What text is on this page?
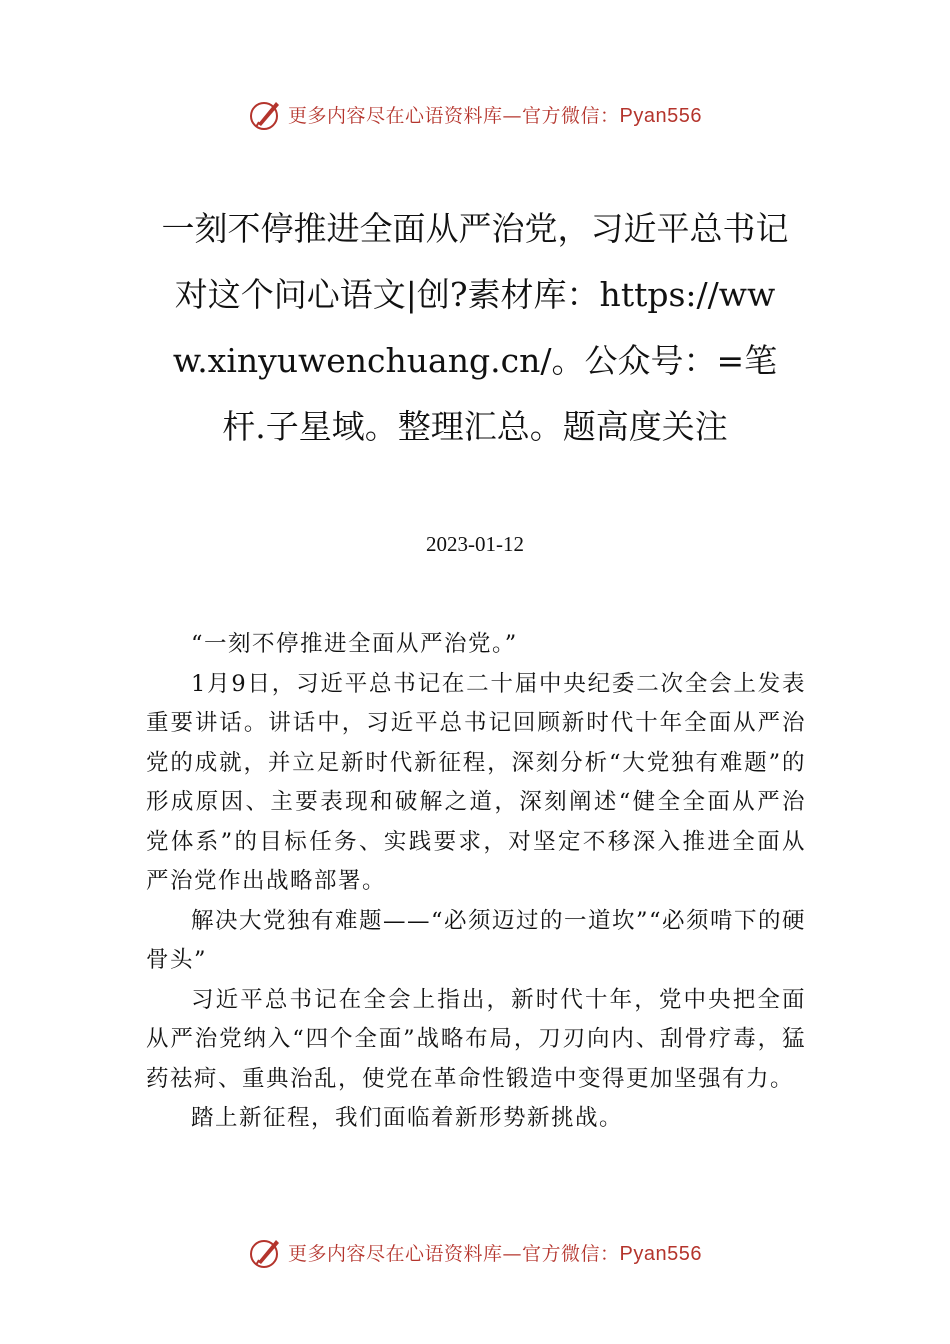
更多内容尽在心语资料库—官方微信：Pyan556
一刻不停推进全面从严治党，习近平总书记对这个问心语文|创?素材库：https://www.xinyuwenchuang.cn/。公众号：=笔杆.子星域。整理汇总。题高度关注
2023-01-12

“一刻不停推进全面从严治党。”

1月9日，习近平总书记在二十届中央纪委二次全会上发表重要讲话。讲话中，习近平总书记回顾新时代十年全面从严治党的成就，并立足新时代新征程，深刻分析“大党独有难题”的形成原因、主要表现和破解之道，深刻阐述“健全全面从严治党体系”的目标任务、实践要求，对坚定不移深入推进全面从严治党作出战略部署。

解决大党独有难题——“必须迈过的一道坎”“必须啃下的硬骨头”

习近平总书记在全会上指出，新时代十年，党中央把全面从严治党纳入“四个全面”战略布局，刀刃向内、刮骨疗毒，猛药祛疴、重典治乱，使党在革命性锻造中变得更加坚强有力。

踏上新征程，我们面临着新形势新挑战。

更多内容尽在心语资料库—官方微信：Pyan556
